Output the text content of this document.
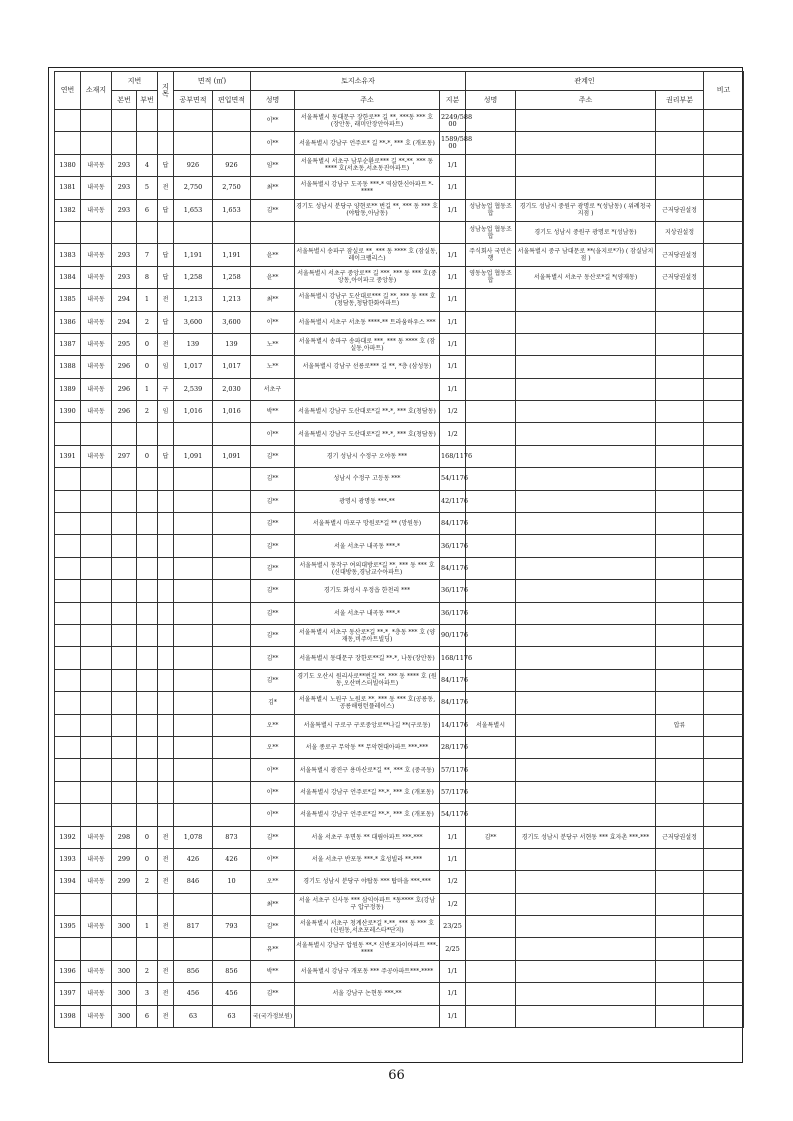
연번	소재지	지번		지목	면적 (㎡)		토지소유자			관계인			비고
		본번	부번		공부면적	편입면적	성명	주소	지분	성명	주소	권리부분	
							이**	서울특별시 동대문구 장한로** 길 **, ***동 *** 호 (장안동, 래미안장안아파트)	2249/588 00				
							이**	서울특별시 강남구 언주로* 길 **-*, *** 호 (개포동)	1589/588 00				
1380	내곡동	293	4	답	926	926	임**	서울특별시 서초구 남부순환로*** 길 **-**, *** 동**** 호(서초동,서초동진아파트)	1/1				
1381	내곡동	293	5	전	2,750	2,750	최**	서울특별시 강남구 도곡동 ***-* 역삼한신아파트 *-****	1/1				
1382	내곡동	293	6	답	1,653	1,653	김**	경기도 성남시 분당구 양현로** 번길 **, *** 동 *** 호(야탑동,아남동)	1/1	성남농업 협동조합	경기도 성남시 중원구 광명로 *(성남동) ( 위례청국지점 )	근저당권설정	
										성남농업 협동조합	경기도 성남시 중원구 광명로 *(성남동)	지상권설정	
1383	내곡동	293	7	답	1,191	1,191	윤**	서울특별시 송파구 잠실로 **, *** 동 **** 호 (잠실동,레이크팰리스)	1/1	주식회사 국민은행	서울특별시 중구 남대문로 **(을지로*가) ( 잠실남지점 )	근저당권설정	
1384	내곡동	293	8	답	1,258	1,258	윤**	서울특별시 서초구 중앙로** 길 ***, *** 동 *** 호(중앙동,아이파크 중앙동)	1/1	영동농업 협동조합	서울특별시 서초구 동산로*길 *(양재동)	근저당권설정	
1385	내곡동	294	1	전	1,213	1,213	최**	서울특별시 강남구 도산대로*** 길 **, *** 동 *** 호(청담동,청담한화아파트)	1/1				
1386	내곡동	294	2	답	3,600	3,600	이**	서울특별시 서초구 서초동 ****-** 트라움하우스 ***	1/1				
1387	내곡동	295	0	전	139	139	노**	서울특별시 송파구 송파대로 ***, *** 동 **** 호 (잠실동,아파트)	1/1				
1388	내곡동	296	0	임	1,017	1,017	노**	서울특별시 강남구 선릉로*** 길 **, *층 (삼성동)	1/1				
1389	내곡동	296	1	구	2,539	2,030	서초구		1/1				
1390	내곡동	296	2	임	1,016	1,016	박**	서울특별시 강남구 도산대로*길 **-*, *** 호(청담동)	1/2				
							이**	서울특별시 강남구 도산대로*길 **-*, *** 호(청담동)	1/2				
1391	내곡동	297	0	답	1,091	1,091	김**	경기 성남시 수정구 오야동 ***	168/1176				
							김**	성남시 수정구 고등동 ***	54/1176				
							김**	광명시 광명동 ***-**	42/1176				
							김**	서울특별시 마포구 망원로*길 ** (망원동)	84/1176				
							김**	서울 서초구 내곡동 ***-*	36/1176				
							김**	서울특별시 동작구 여의대방로*길 **, *** 동 *** 호(신대방동,경남교수아파트)	84/1176				
							김**	경기도 화성시 우정읍 한천리 ***	36/1176				
							김**	서울 서초구 내곡동 ***-*	36/1176				
							김**	서울특별시 서초구 동산로*길 **-*, *층동 *** 호 (양재동,비주아트빌딩)	90/1176				
							김**	서울특별시 동대문구 장한로**길 **-*, 나동(장안동)	168/1176				
							김**	경기도 오산시 원리사로**번길 **, *** 동 **** 호 (원동,오산버스터빌아파트)	84/1176				
							김*	서울특별시 노원구 노원로 **, *** 동 *** 호(공릉동,공릉해링턴플레이스)	84/1176				
							오**	서울특별시 구로구 구로중앙로**나길 **(구로동)	14/1176	서울특별시		압류	
							오**	서울 종로구 무악동 ** 무악현대아파트 ***-***	28/1176				
							이**	서울특별시 광진구 용마산로*길 **, *** 호 (중곡동)	57/1176				
							이**	서울특별시 강남구 언주로*길 **-*, *** 호 (개포동)	57/1176				
							이**	서울특별시 강남구 언주로*길 **-*, *** 호 (개포동)	54/1176				
1392	내곡동	298	0	전	1,078	873	김**	서울 서초구 우면동 ** 대림아파트 ***-***	1/1	김**	경기도 성남시 분당구 서현동 *** 효자촌 ***-***	근저당권설정	
1393	내곡동	299	0	전	426	426	이**	서울 서초구 반포동 ***-* 효성빌라 **-***	1/1				
1394	내곡동	299	2	전	846	10	오**	경기도 성남시 분당구 야탑동 *** 탑마을 ***-***	1/2				
							최**	서울 서초구 신사동 *** 삼익아파트 *동**** 호(강남구 압구정동)	1/2				
1395	내곡동	300	1	전	817	793	김**	서울특별시 서초구 청계산로*길 *-**, *** 동 *** 호(신원동,서초포레스타*단지)	23/25				
							유**	서울특별시 강남구 압원동 **-* 신반포자이아파트 ***-****	2/25				
1396	내곡동	300	2	전	856	856	박**	서울특별시 강남구 개포동 *** 주공아파트***-****	1/1				
1397	내곡동	300	3	전	456	456	김**	서울 강남구 논현동 ***-**	1/1				
1398	내곡동	300	6	전	63	63	국(국가정보원)		1/1				

66
